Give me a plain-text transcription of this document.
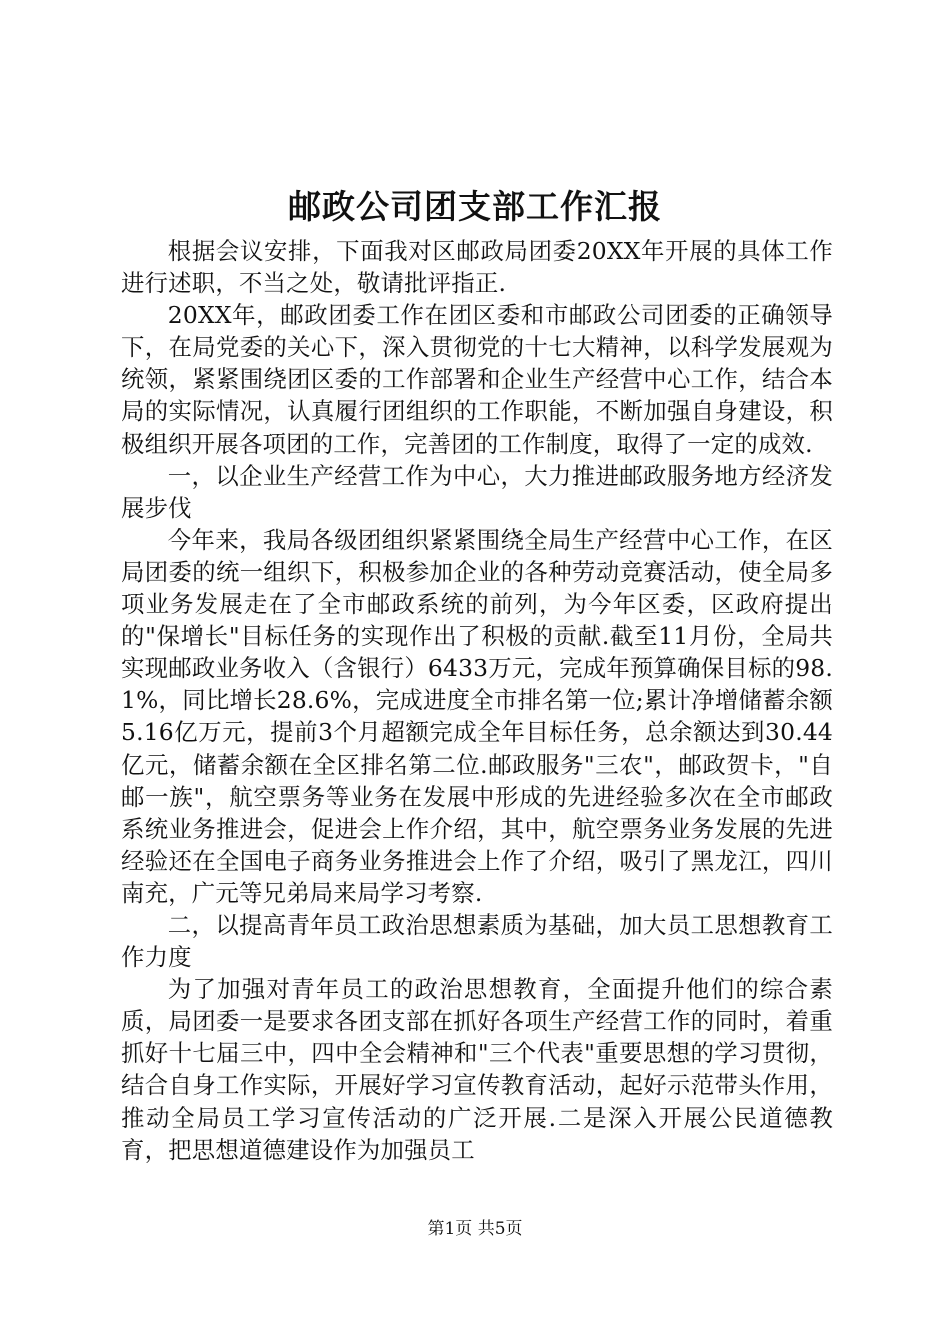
邮政公司团支部工作汇报

根据会议安排，下面我对区邮政局团委20XX年开展的具体工作进行述职，不当之处，敬请批评指正.

20XX年，邮政团委工作在团区委和市邮政公司团委的正确领导下，在局党委的关心下，深入贯彻党的十七大精神，以科学发展观为统领，紧紧围绕团区委的工作部署和企业生产经营中心工作，结合本局的实际情况，认真履行团组织的工作职能，不断加强自身建设，积极组织开展各项团的工作，完善团的工作制度，取得了一定的成效.

一，以企业生产经营工作为中心，大力推进邮政服务地方经济发展步伐

今年来，我局各级团组织紧紧围绕全局生产经营中心工作，在区局团委的统一组织下，积极参加企业的各种劳动竞赛活动，使全局多项业务发展走在了全市邮政系统的前列，为今年区委，区政府提出的"保增长"目标任务的实现作出了积极的贡献.截至11月份，全局共实现邮政业务收入（含银行）6433万元，完成年预算确保目标的98.1%，同比增长28.6%，完成进度全市排名第一位;累计净增储蓄余额5.16亿万元，提前3个月超额完成全年目标任务，总余额达到30.44亿元，储蓄余额在全区排名第二位.邮政服务"三农"，邮政贺卡，"自邮一族"，航空票务等业务在发展中形成的先进经验多次在全市邮政系统业务推进会，促进会上作介绍，其中，航空票务业务发展的先进经验还在全国电子商务业务推进会上作了介绍，吸引了黑龙江，四川南充，广元等兄弟局来局学习考察.

二，以提高青年员工政治思想素质为基础，加大员工思想教育工作力度

为了加强对青年员工的政治思想教育，全面提升他们的综合素质，局团委一是要求各团支部在抓好各项生产经营工作的同时，着重抓好十七届三中，四中全会精神和"三个代表"重要思想的学习贯彻，结合自身工作实际，开展好学习宣传教育活动，起好示范带头作用，推动全局员工学习宣传活动的广泛开展.二是深入开展公民道德教育，把思想道德建设作为加强员工

第1页 共5页
